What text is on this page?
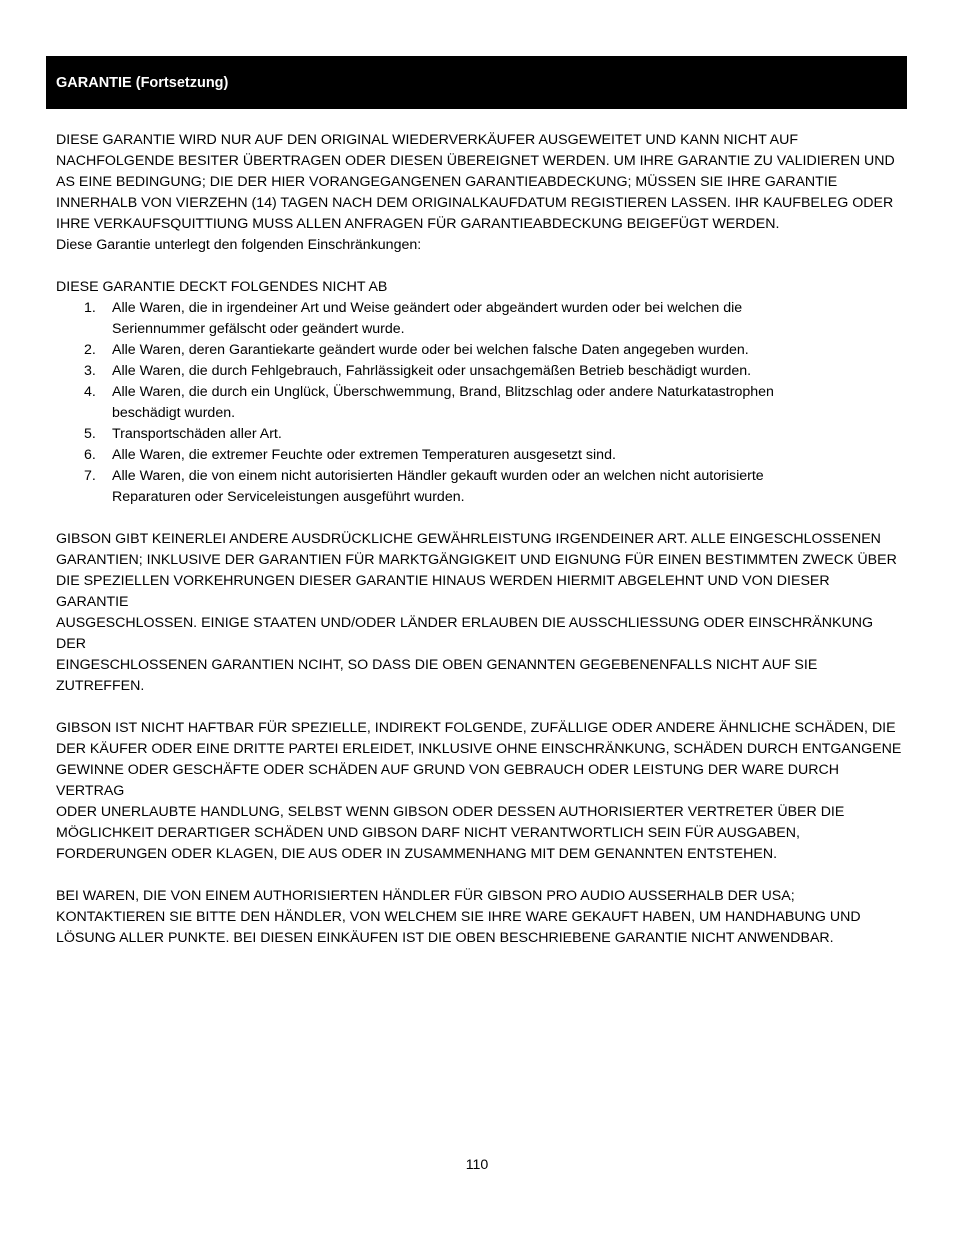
GARANTIE (Fortsetzung)

DIESE GARANTIE WIRD NUR AUF DEN ORIGINAL WIEDERVERKÄUFER AUSGEWEITET UND KANN NICHT AUF

NACHFOLGENDE BESITER ÜBERTRAGEN ODER DIESEN ÜBEREIGNET WERDEN. UM IHRE GARANTIE ZU VALIDIEREN UND

AS EINE BEDINGUNG; DIE DER HIER VORANGEGANGENEN GARANTIEABDECKUNG; MÜSSEN SIE IHRE GARANTIE

INNERHALB VON VIERZEHN (14) TAGEN NACH DEM ORIGINALKAUFDATUM REGISTIEREN LASSEN. IHR KAUFBELEG ODER

IHRE VERKAUFSQUITTIUNG MUSS ALLEN ANFRAGEN FÜR GARANTIEABDECKUNG BEIGEFÜGT WERDEN.

Diese Garantie unterlegt den folgenden Einschränkungen:

DIESE GARANTIE DECKT FOLGENDES NICHT AB

1. Alle Waren, die in irgendeiner Art und Weise geändert oder abgeändert wurden oder bei welchen die

Seriennummer gefälscht oder geändert wurde.

2. Alle Waren, deren Garantiekarte geändert wurde oder bei welchen falsche Daten angegeben wurden.

3. Alle Waren, die durch Fehlgebrauch, Fahrlässigkeit oder unsachgemäßen Betrieb beschädigt wurden.

4. Alle Waren, die durch ein Unglück, Überschwemmung, Brand, Blitzschlag oder andere Naturkatastrophen

beschädigt wurden.

5. Transportschäden aller Art.

6. Alle Waren, die extremer Feuchte oder extremen Temperaturen ausgesetzt sind.

7. Alle Waren, die von einem nicht autorisierten Händler gekauft wurden oder an welchen nicht autorisierte

Reparaturen oder Serviceleistungen ausgeführt wurden.

GIBSON GIBT KEINERLEI ANDERE AUSDRÜCKLICHE GEWÄHRLEISTUNG IRGENDEINER ART. ALLE EINGESCHLOSSENEN

GARANTIEN; INKLUSIVE DER GARANTIEN FÜR MARKTGÄNGIGKEIT UND EIGNUNG FÜR EINEN BESTIMMTEN ZWECK ÜBER

DIE SPEZIELLEN VORKEHRUNGEN DIESER GARANTIE HINAUS WERDEN HIERMIT ABGELEHNT UND VON DIESER GARANTIE

AUSGESCHLOSSEN. EINIGE STAATEN UND/ODER LÄNDER ERLAUBEN DIE AUSSCHLIESSUNG ODER EINSCHRÄNKUNG DER

EINGESCHLOSSENEN GARANTIEN NCIHT, SO DASS DIE OBEN GENANNTEN GEGEBENENFALLS NICHT AUF SIE ZUTREFFEN.

GIBSON IST NICHT HAFTBAR FÜR SPEZIELLE, INDIREKT FOLGENDE, ZUFÄLLIGE ODER ANDERE ÄHNLICHE SCHÄDEN, DIE

DER KÄUFER ODER EINE DRITTE PARTEI ERLEIDET, INKLUSIVE OHNE EINSCHRÄNKUNG, SCHÄDEN DURCH ENTGANGENE

GEWINNE ODER GESCHÄFTE ODER SCHÄDEN AUF GRUND VON GEBRAUCH ODER LEISTUNG DER WARE DURCH VERTRAG

ODER UNERLAUBTE HANDLUNG, SELBST WENN GIBSON ODER DESSEN AUTHORISIERTER VERTRETER ÜBER DIE

MÖGLICHKEIT DERARTIGER SCHÄDEN UND GIBSON DARF NICHT VERANTWORTLICH SEIN FÜR AUSGABEN,

FORDERUNGEN ODER KLAGEN, DIE AUS ODER IN ZUSAMMENHANG MIT DEM GENANNTEN ENTSTEHEN.

BEI WAREN, DIE VON EINEM AUTHORISIERTEN HÄNDLER FÜR GIBSON PRO AUDIO AUSSERHALB DER USA;

KONTAKTIEREN SIE BITTE DEN HÄNDLER, VON WELCHEM SIE IHRE WARE GEKAUFT HABEN, UM HANDHABUNG UND

LÖSUNG ALLER PUNKTE. BEI DIESEN EINKÄUFEN IST DIE OBEN BESCHRIEBENE GARANTIE NICHT ANWENDBAR.

110
